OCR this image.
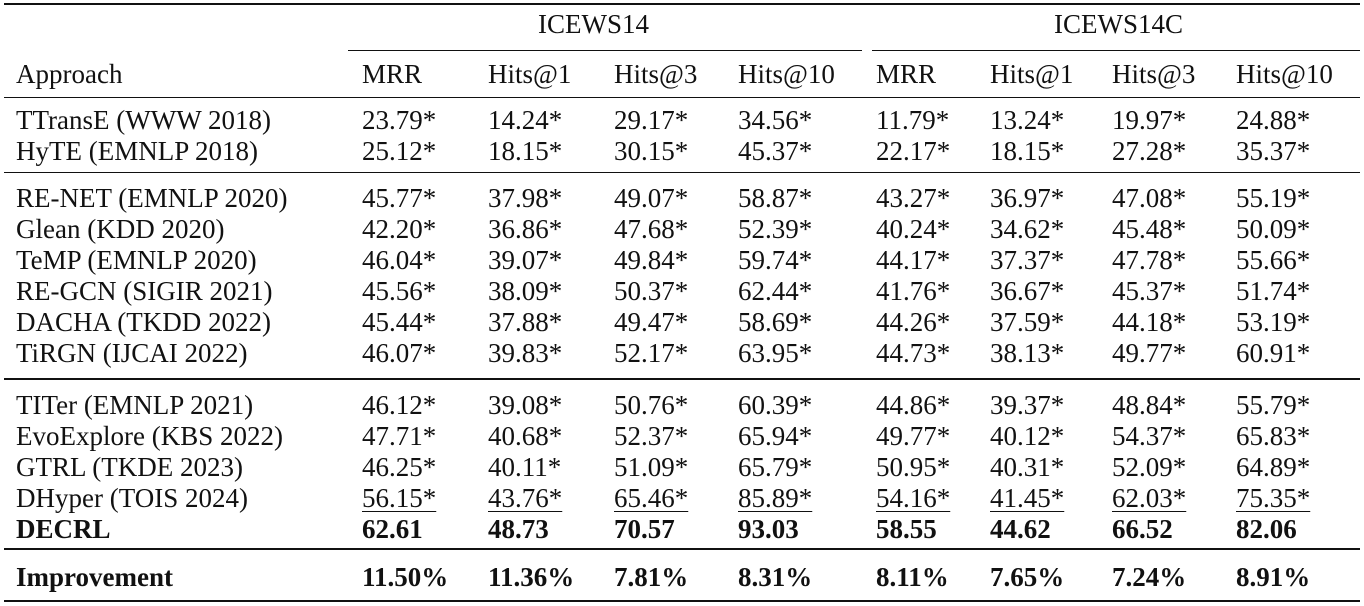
ICEWS14	ICEWS14C
Approach	MRR Hits@1 Hits@3 Hits@10 MRR Hits@1 Hits@3 Hits@10
TTransE (WWW 2018)	23.79* 14.24* 29.17* 34.56* 11.79* 13.24* 19.97* 24.88*
HyTE (EMNLP 2018)	25.12* 18.15* 30.15* 45.37* 22.17* 18.15* 27.28* 35.37*
RE-NET (EMNLP 2020)	45.77* 37.98* 49.07* 58.87* 43.27* 36.97* 47.08* 55.19*
Glean (KDD 2020)	42.20* 36.86* 47.68* 52.39* 40.24* 34.62* 45.48* 50.09*
TeMP (EMNLP 2020)	46.04* 39.07* 49.84* 59.74* 44.17* 37.37* 47.78* 55.66*
RE-GCN (SIGIR 2021)	45.56* 38.09* 50.37* 62.44* 41.76* 36.67* 45.37* 51.74*
DACHA (TKDD 2022)	45.44* 37.88* 49.47* 58.69* 44.26* 37.59* 44.18* 53.19*
TiRGN (IJCAI 2022)	46.07* 39.83* 52.17* 63.95* 44.73* 38.13* 49.77* 60.91*
TITer (EMNLP 2021)	46.12* 39.08* 50.76* 60.39* 44.86* 39.37* 48.84* 55.79*
EvoExplore (KBS 2022)	47.71* 40.68* 52.37* 65.94* 49.77* 40.12* 54.37* 65.83*
GTRL (TKDE 2023)	46.25* 40.11* 51.09* 65.79* 50.95* 40.31* 52.09* 64.89*
DHyper (TOIS 2024)	56.15* 43.76* 65.46* 85.89* 54.16* 41.45* 62.03* 75.35*
DECRL	62.61 48.73 70.57 93.03	58.55 44.62 66.52 82.06
Improvement	11.50% 11.36% 7.81% 8.31% 8.11% 7.65% 7.24% 8.91%
